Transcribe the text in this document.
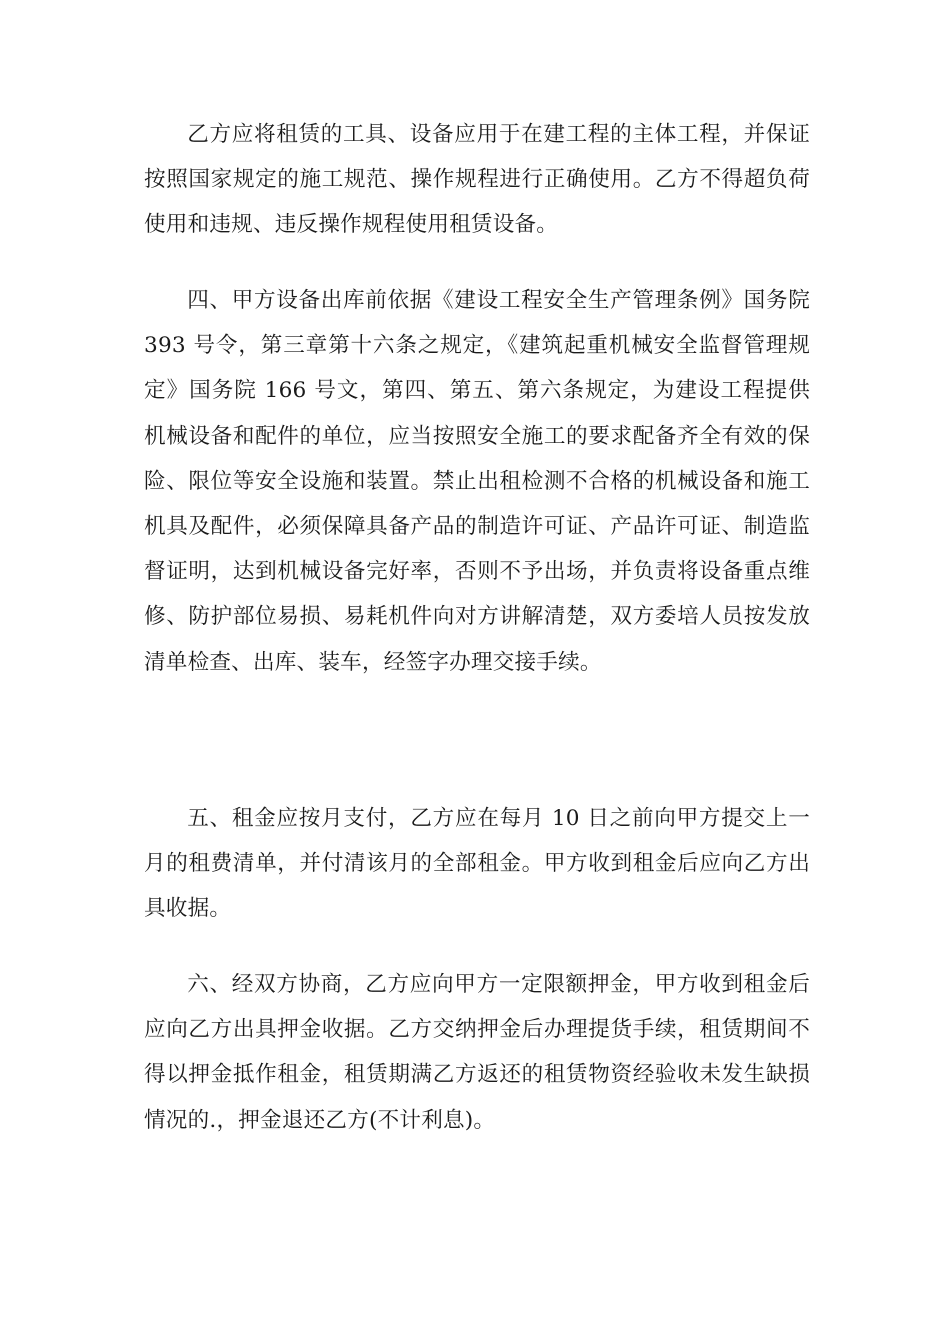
乙方应将租赁的工具、设备应用于在建工程的主体工程，并保证按照国家规定的施工规范、操作规程进行正确使用。乙方不得超负荷使用和违规、违反操作规程使用租赁设备。

四、甲方设备出库前依据《建设工程安全生产管理条例》国务院 393 号令，第三章第十六条之规定，《建筑起重机械安全监督管理规定》国务院 166 号文，第四、第五、第六条规定，为建设工程提供机械设备和配件的单位，应当按照安全施工的要求配备齐全有效的保险、限位等安全设施和装置。禁止出租检测不合格的机械设备和施工机具及配件，必须保障具备产品的制造许可证、产品许可证、制造监督证明，达到机械设备完好率，否则不予出场，并负责将设备重点维修、防护部位易损、易耗机件向对方讲解清楚，双方委培人员按发放清单检查、出库、装车，经签字办理交接手续。

五、租金应按月支付，乙方应在每月 10 日之前向甲方提交上一月的租费清单，并付清该月的全部租金。甲方收到租金后应向乙方出具收据。

六、经双方协商，乙方应向甲方一定限额押金，甲方收到租金后应向乙方出具押金收据。乙方交纳押金后办理提货手续，租赁期间不得以押金抵作租金，租赁期满乙方返还的租赁物资经验收未发生缺损情况的.，押金退还乙方(不计利息)。
